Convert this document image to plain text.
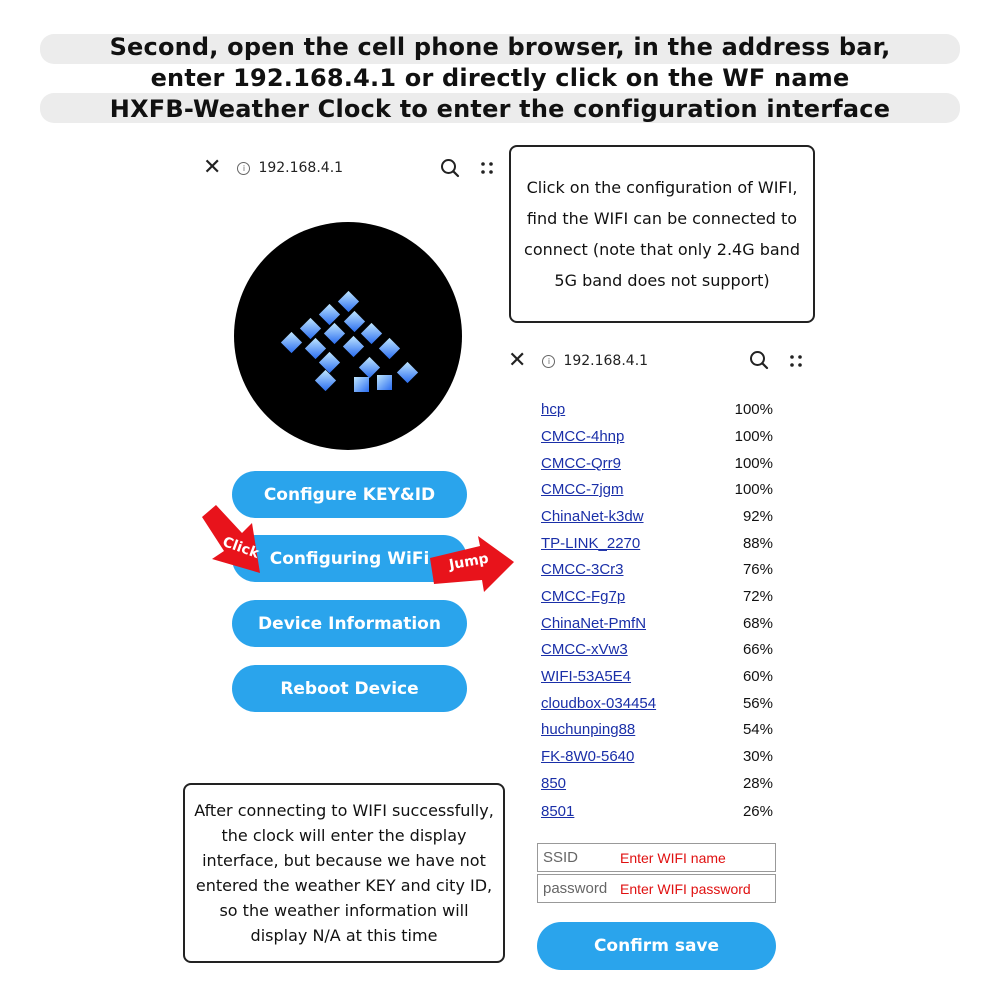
Second, open the cell phone browser, in the address bar,
enter 192.168.4.1 or directly click on the WF name
HXFB-Weather Clock to enter the configuration interface
✕	i 192.168.4.1
Configure KEY&ID
Configuring WiFi
Device Information
Reboot Device
Click
Jump
Click on the configuration of WIFI,
find the WIFI can be connected to
connect (note that only 2.4G band
5G band does not support)
✕	i 192.168.4.1
hcp	100%
CMCC-4hnp	100%
CMCC-Qrr9	100%
CMCC-7jgm	100%
ChinaNet-k3dw	92%
TP-LINK_2270	88%
CMCC-3Cr3	76%
CMCC-Fg7p	72%
ChinaNet-PmfN	68%
CMCC-xVw3	66%
WIFI-53A5E4	60%
cloudbox-034454	56%
huchunping88	54%
FK-8W0-5640	30%
850	28%
8501	26%
SSID	Enter WIFI name
password Enter WIFI password
Confirm save
After connecting to WIFI successfully,
the clock will enter the display
interface, but because we have not
entered the weather KEY and city ID,
so the weather information will
display N/A at this time
